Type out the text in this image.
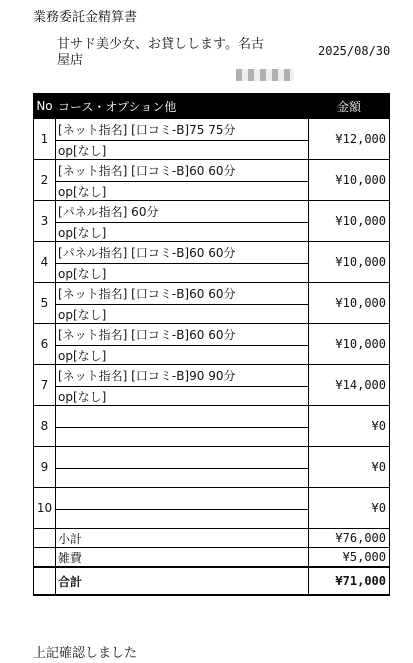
業務委託金精算書
甘サド美少女、お貸しします。名古屋店
2025/08/30
No	コース・オプション他	金額
1	[ネット指名] [口コミ-B]75 75分	¥12,000
	op[なし]	
2	[ネット指名] [口コミ-B]60 60分	¥10,000
	op[なし]	
3	[パネル指名] 60分	¥10,000
	op[なし]	
4	[パネル指名] [口コミ-B]60 60分	¥10,000
	op[なし]	
5	[ネット指名] [口コミ-B]60 60分	¥10,000
	op[なし]	
6	[ネット指名] [口コミ-B]60 60分	¥10,000
	op[なし]	
7	[ネット指名] [口コミ-B]90 90分	¥14,000
	op[なし]	
8		¥0

9		¥0

10		¥0

	小計	¥76,000
	雑費	¥5,000
	合計	¥71,000
上記確認しました
